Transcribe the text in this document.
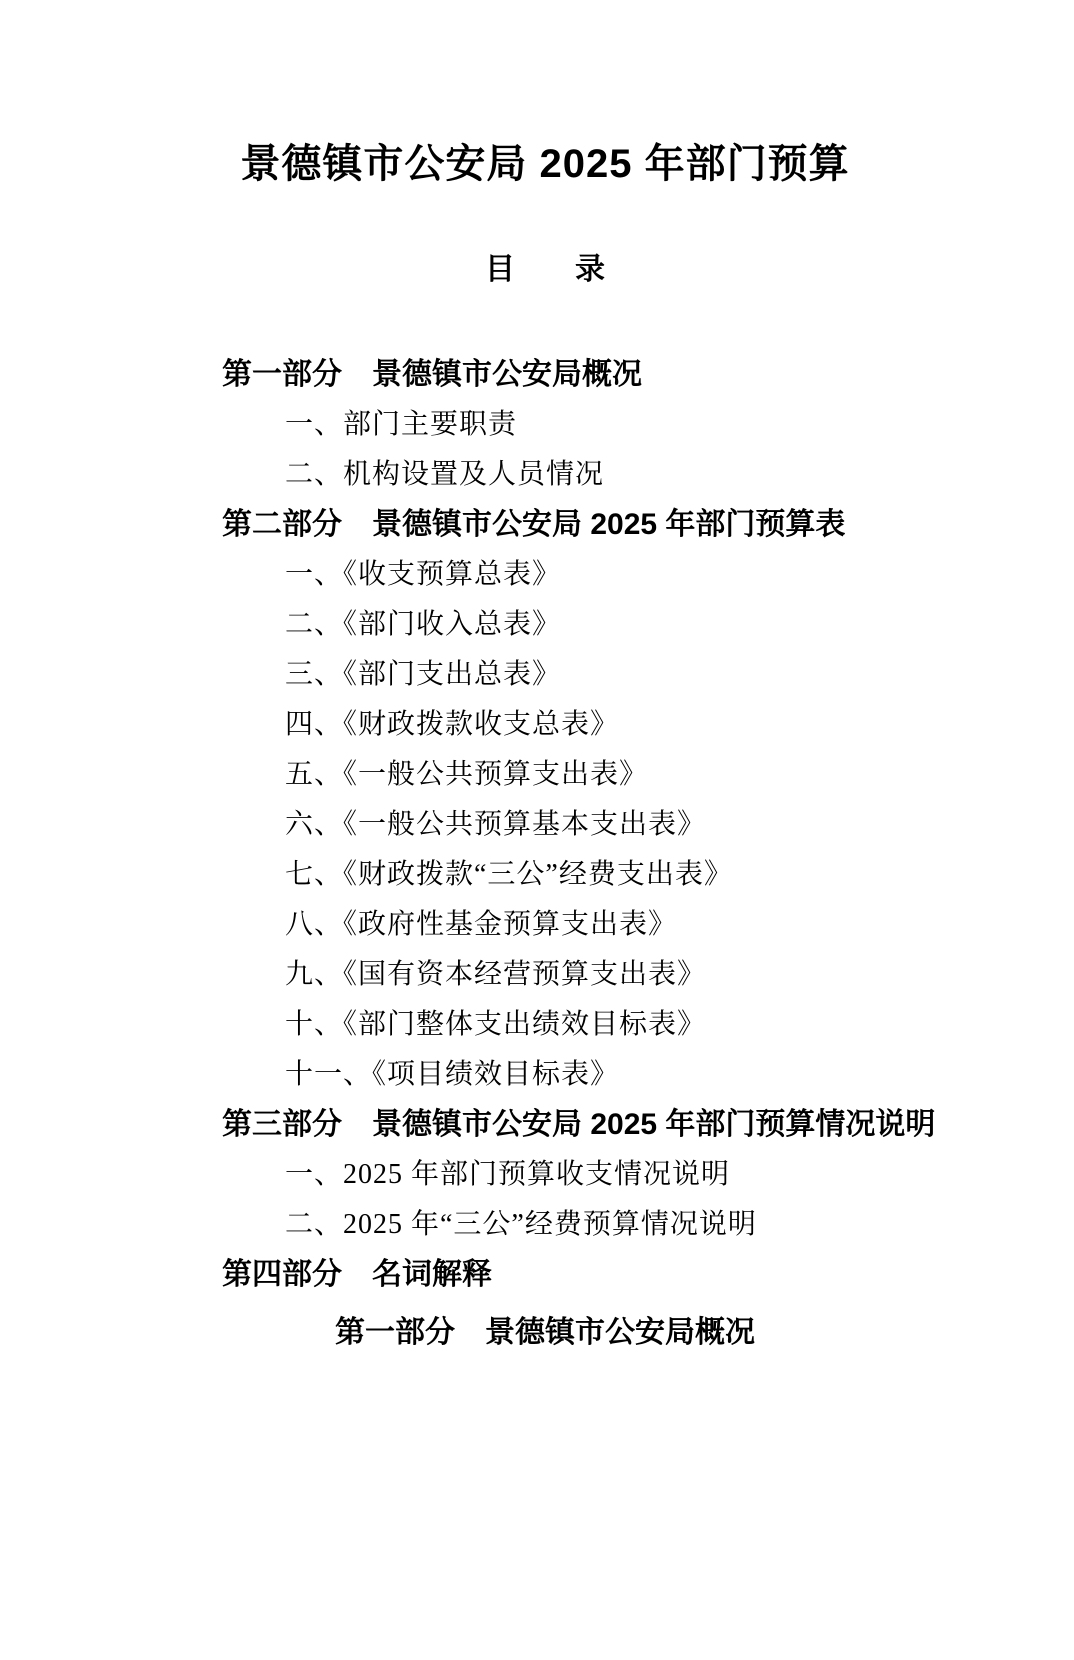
景德镇市公安局 2025 年部门预算
目　　录
第一部分　景德镇市公安局概况
一、部门主要职责
二、机构设置及人员情况
第二部分　景德镇市公安局 2025 年部门预算表
一、《收支预算总表》
二、《部门收入总表》
三、《部门支出总表》
四、《财政拨款收支总表》
五、《一般公共预算支出表》
六、《一般公共预算基本支出表》
七、《财政拨款“三公”经费支出表》
八、《政府性基金预算支出表》
九、《国有资本经营预算支出表》
十、《部门整体支出绩效目标表》
十一、《项目绩效目标表》
第三部分　景德镇市公安局 2025 年部门预算情况说明
一、2025 年部门预算收支情况说明
二、2025 年“三公”经费预算情况说明
第四部分　名词解释
第一部分　景德镇市公安局概况
